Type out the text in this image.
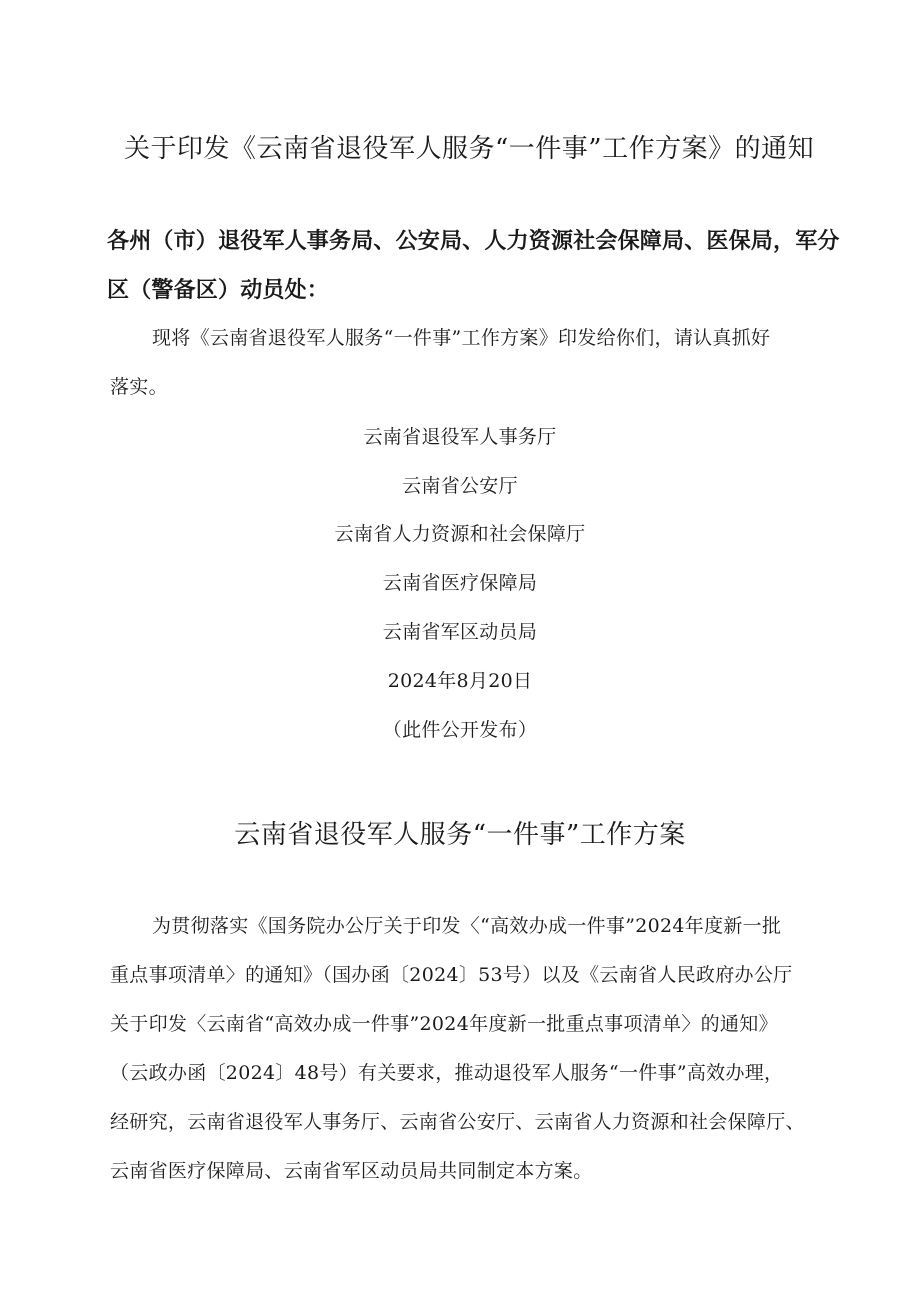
关于印发《云南省退役军人服务“一件事”工作方案》的通知
各州（市）退役军人事务局、公安局、人力资源社会保障局、医保局，军分
区（警备区）动员处：
现将《云南省退役军人服务“一件事”工作方案》印发给你们，请认真抓好
落实。
云南省退役军人事务厅
云南省公安厅
云南省人力资源和社会保障厅
云南省医疗保障局
云南省军区动员局
2024年8月20日
（此件公开发布）
云南省退役军人服务“一件事”工作方案
为贯彻落实《国务院办公厅关于印发〈“高效办成一件事”2024年度新一批
重点事项清单〉的通知》（国办函〔2024〕53号）以及《云南省人民政府办公厅
关于印发〈云南省“高效办成一件事”2024年度新一批重点事项清单〉的通知》
（云政办函〔2024〕48号）有关要求，推动退役军人服务“一件事”高效办理，
经研究，云南省退役军人事务厅、云南省公安厅、云南省人力资源和社会保障厅、
云南省医疗保障局、云南省军区动员局共同制定本方案。
